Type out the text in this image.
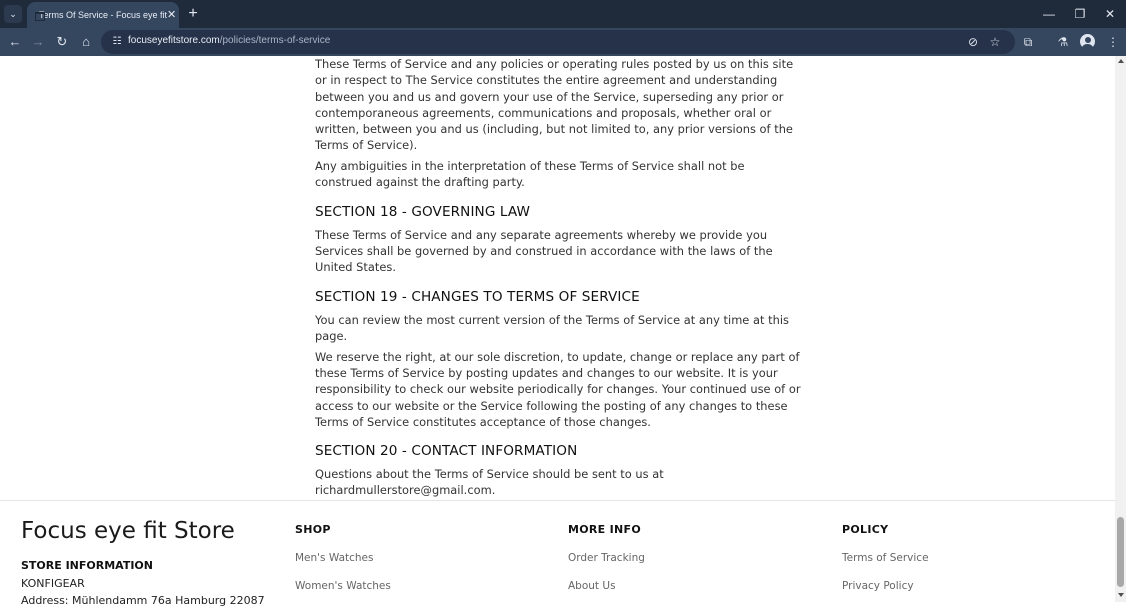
⌄	Terms Of Service - Focus eye fit ✕ +	—	❐	✕
← → ↻	⌂	☷ focuseyefitstore.com/policies/terms-of-service	⊘ ☆	⧉	⚗	⋮

These Terms of Service and any policies or operating rules posted by us on this site or in respect to The Service constitutes the entire agreement and understanding between you and us and govern your use of the Service, superseding any prior or contemporaneous agreements, communications and proposals, whether oral or written, between you and us (including, but not limited to, any prior versions of the Terms of Service).

Any ambiguities in the interpretation of these Terms of Service shall not be construed against the drafting party.

SECTION 18 - GOVERNING LAW

These Terms of Service and any separate agreements whereby we provide you Services shall be governed by and construed in accordance with the laws of the United States.

SECTION 19 - CHANGES TO TERMS OF SERVICE

You can review the most current version of the Terms of Service at any time at this page.

We reserve the right, at our sole discretion, to update, change or replace any part of these Terms of Service by posting updates and changes to our website. It is your responsibility to check our website periodically for changes. Your continued use of or access to our website or the Service following the posting of any changes to these Terms of Service constitutes acceptance of those changes.

SECTION 20 - CONTACT INFORMATION

Questions about the Terms of Service should be sent to us at richardmullerstore@gmail.com.

Focus eye fit Store
STORE INFORMATION
KONFIGEAR
Address: Mühlendamm 76a Hamburg 22087
SHOP
Men's Watches
Women's Watches
MORE INFO
Order Tracking
About Us
POLICY
Terms of Service
Privacy Policy
